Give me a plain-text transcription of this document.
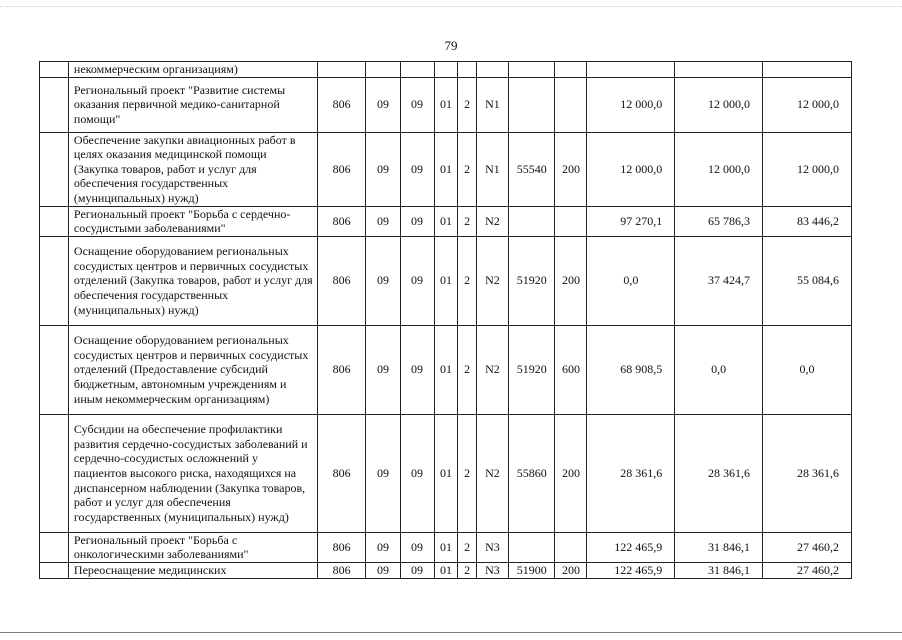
79
	некоммерческим организациям)											
	Региональный проект "Развитие системы оказания первичной медико-санитарной помощи"	806	09	09	01	2	N1			12 000,0	12 000,0	12 000,0
	Обеспечение закупки авиационных работ в целях оказания медицинской помощи (Закупка товаров, работ и услуг для обеспечения государственных (муниципальных) нужд)	806	09	09	01	2	N1	55540	200	12 000,0	12 000,0	12 000,0
	Региональный проект "Борьба с сердечно-сосудистыми заболеваниями"	806	09	09	01	2	N2			97 270,1	65 786,3	83 446,2
	Оснащение оборудованием региональных сосудистых центров и первичных сосудистых отделений (Закупка товаров, работ и услуг для обеспечения государственных (муниципальных) нужд)	806	09	09	01	2	N2	51920	200	0,0	37 424,7	55 084,6
	Оснащение оборудованием региональных сосудистых центров и первичных сосудистых отделений (Предоставление субсидий бюджетным, автономным учреждениям и иным некоммерческим организациям)	806	09	09	01	2	N2	51920	600	68 908,5	0,0	0,0
	Субсидии на обеспечение профилактики развития сердечно-сосудистых заболеваний и сердечно-сосудистых осложнений у пациентов высокого риска, находящихся на диспансерном наблюдении (Закупка товаров, работ и услуг для обеспечения государственных (муниципальных) нужд)	806	09	09	01	2	N2	55860	200	28 361,6	28 361,6	28 361,6
	Региональный проект "Борьба с онкологическими заболеваниями"	806	09	09	01	2	N3			122 465,9	31 846,1	27 460,2
	Переоснащение медицинских	806	09	09	01	2	N3	51900	200	122 465,9	31 846,1	27 460,2
